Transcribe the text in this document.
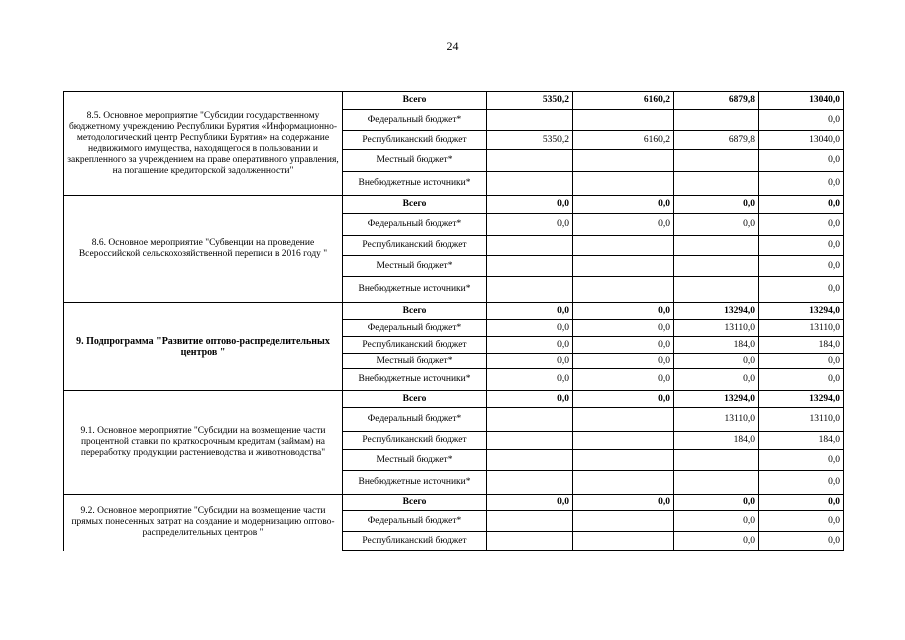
24
8.5. Основное мероприятие "Субсидии государственному бюджетному учреждению Республики Бурятия «Информационно-методологический центр Республики Бурятия» на содержание недвижимого имущества, находящегося в пользовании и закрепленного за учреждением на праве оперативного управления, на погашение кредиторской задолженности"	Всего	5350,2	6160,2	6879,8	13040,0
	Федеральный бюджет*				0,0
	Республиканский бюджет	5350,2	6160,2	6879,8	13040,0
	Местный бюджет*				0,0
	Внебюджетные источники*				0,0
8.6. Основное мероприятие "Субвенции на проведение Всероссийской сельскохозяйственной переписи в 2016 году "	Всего	0,0	0,0	0,0	0,0
	Федеральный бюджет*	0,0	0,0	0,0	0,0
	Республиканский бюджет				0,0
	Местный бюджет*				0,0
	Внебюджетные источники*				0,0
9. Подпрограмма "Развитие оптово-распределительных центров "	Всего	0,0	0,0	13294,0	13294,0
	Федеральный бюджет*	0,0	0,0	13110,0	13110,0
	Республиканский бюджет	0,0	0,0	184,0	184,0
	Местный бюджет*	0,0	0,0	0,0	0,0
	Внебюджетные источники*	0,0	0,0	0,0	0,0
9.1. Основное мероприятие "Субсидии на возмещение части процентной ставки по краткосрочным кредитам (займам) на переработку продукции растениеводства и животноводства"	Всего	0,0	0,0	13294,0	13294,0
	Федеральный бюджет*			13110,0	13110,0
	Республиканский бюджет			184,0	184,0
	Местный бюджет*				0,0
	Внебюджетные источники*				0,0
9.2. Основное мероприятие "Субсидии на возмещение части прямых понесенных затрат на создание и модернизацию оптово-распределительных центров "	Всего	0,0	0,0	0,0	0,0
	Федеральный бюджет*			0,0	0,0
	Республиканский бюджет			0,0	0,0
